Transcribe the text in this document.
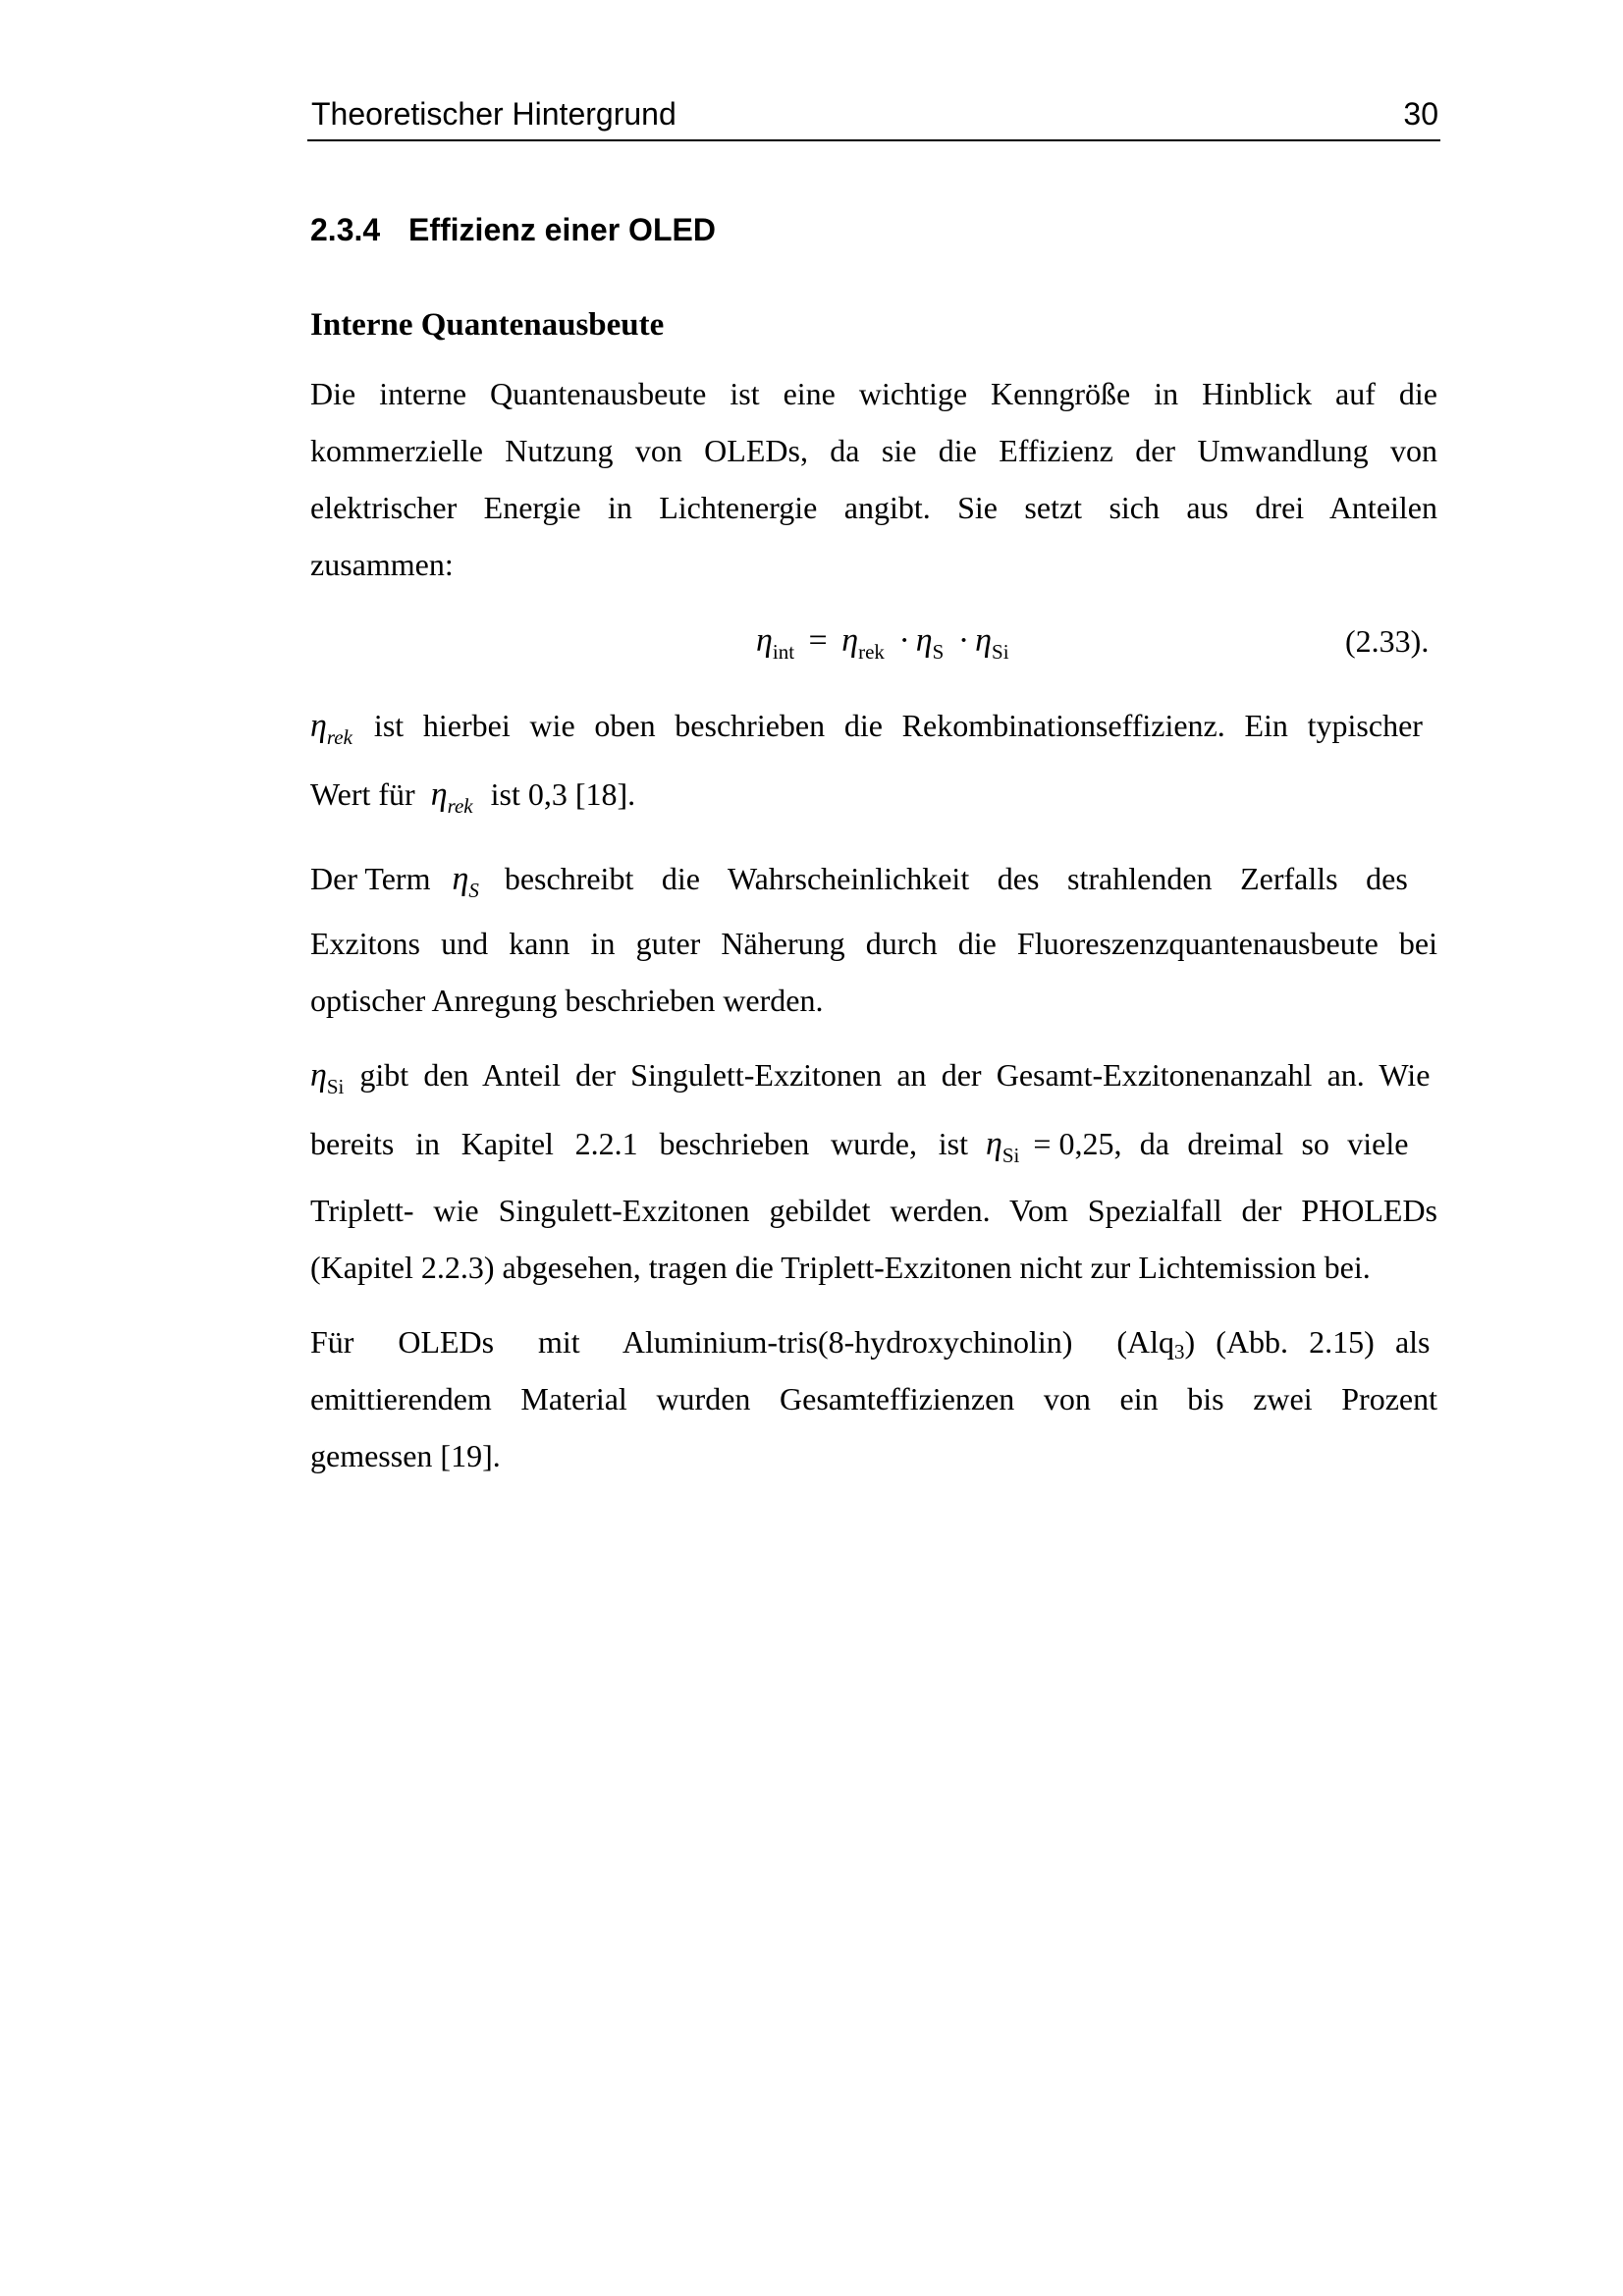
Theoretischer Hintergrund	30
2.3.4 Effizienz einer OLED
Interne Quantenausbeute
Die interne Quantenausbeute ist eine wichtige Kenngröße in Hinblick auf die
kommerzielle Nutzung von OLEDs, da sie die Effizienz der Umwandlung von
elektrischer Energie in Lichtenergie angibt. Sie setzt sich aus drei Anteilen
zusammen:
$\eta_{int} = \eta_{rek} \cdot \eta_S \cdot \eta_{Si}$	(2.33).
$\eta_{rek}$ ist hierbei wie oben beschrieben die Rekombinationseffizienz. Ein typischer
Wert für $\eta_{rek}$ ist 0,3 [18].
Der Term $\eta_S$ beschreibt die Wahrscheinlichkeit des strahlenden Zerfalls des
Exzitons und kann in guter Näherung durch die Fluoreszenzquantenausbeute bei
optischer Anregung beschrieben werden.
$\eta_{Si}$ gibt den Anteil der Singulett-Exzitonen an der Gesamt-Exzitonenanzahl an. Wie
bereits in Kapitel 2.2.1 beschrieben wurde, ist $\eta_{Si} = 0,25$, da dreimal so viele
Triplett- wie Singulett-Exzitonen gebildet werden. Vom Spezialfall der PHOLEDs
(Kapitel 2.2.3) abgesehen, tragen die Triplett-Exzitonen nicht zur Lichtemission bei.
Für OLEDs mit Aluminium-tris(8-hydroxychinolin) (Alq3) (Abb. 2.15) als
emittierendem Material wurden Gesamteffizienzen von ein bis zwei Prozent
gemessen [19].
